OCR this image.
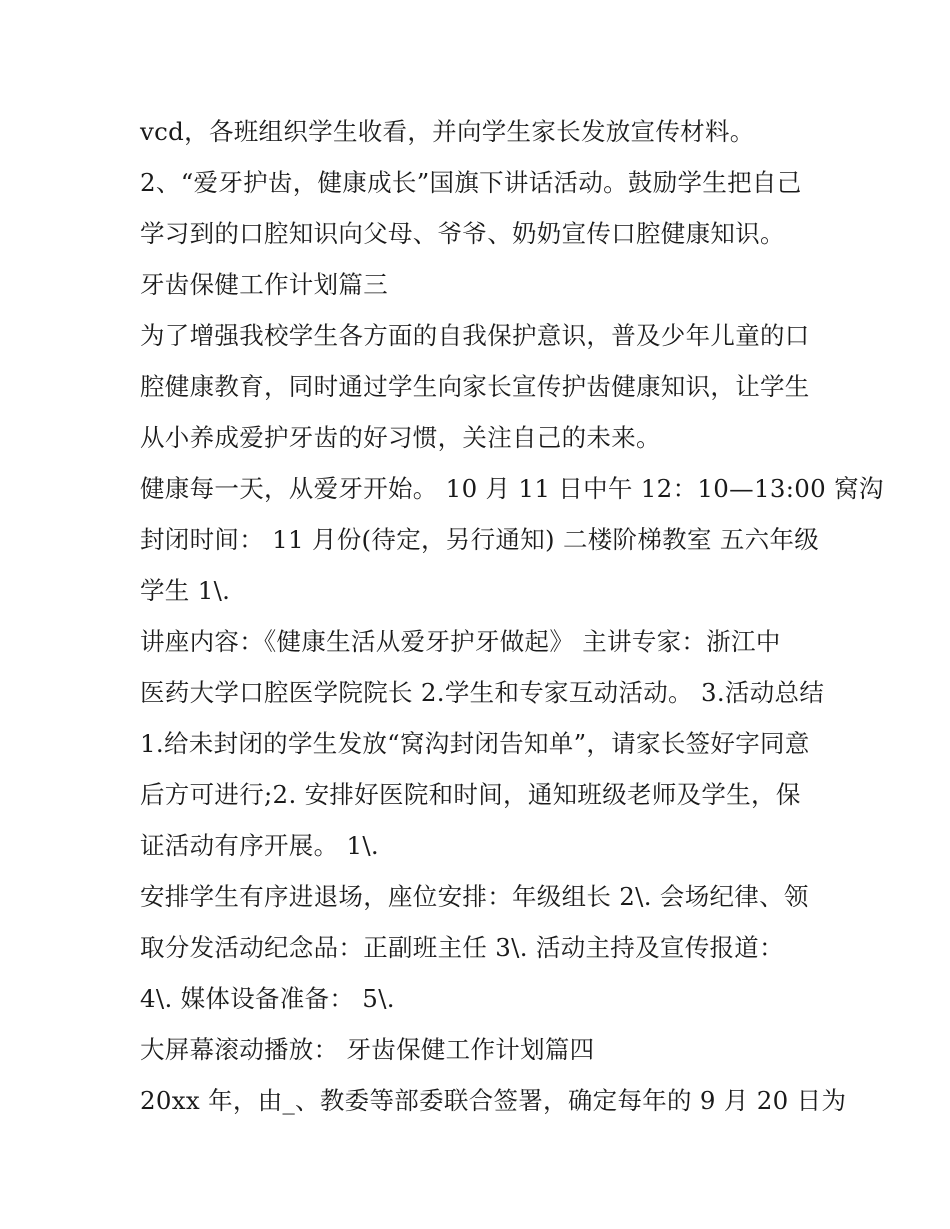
vcd，各班组织学生收看，并向学生家长发放宣传材料。
2、“爱牙护齿，健康成长”国旗下讲话活动。鼓励学生把自己
学习到的口腔知识向父母、爷爷、奶奶宣传口腔健康知识。
牙齿保健工作计划篇三
为了增强我校学生各方面的自我保护意识，普及少年儿童的口
腔健康教育，同时通过学生向家长宣传护齿健康知识，让学生
从小养成爱护牙齿的好习惯，关注自己的未来。
健康每一天，从爱牙开始。 10 月 11 日中午 12：10—13:00 窝沟
封闭时间： 11 月份(待定，另行通知) 二楼阶梯教室 五六年级
学生 1\.
讲座内容：《健康生活从爱牙护牙做起》 主讲专家：浙江中
医药大学口腔医学院院长 2.学生和专家互动活动。 3.活动总结
1.给未封闭的学生发放“窝沟封闭告知单”，请家长签好字同意
后方可进行;2. 安排好医院和时间，通知班级老师及学生，保
证活动有序开展。 1\.
安排学生有序进退场，座位安排：年级组长 2\. 会场纪律、领
取分发活动纪念品：正副班主任 3\. 活动主持及宣传报道：
4\. 媒体设备准备： 5\.
大屏幕滚动播放： 牙齿保健工作计划篇四
20xx 年，由_、教委等部委联合签署，确定每年的 9 月 20 日为
